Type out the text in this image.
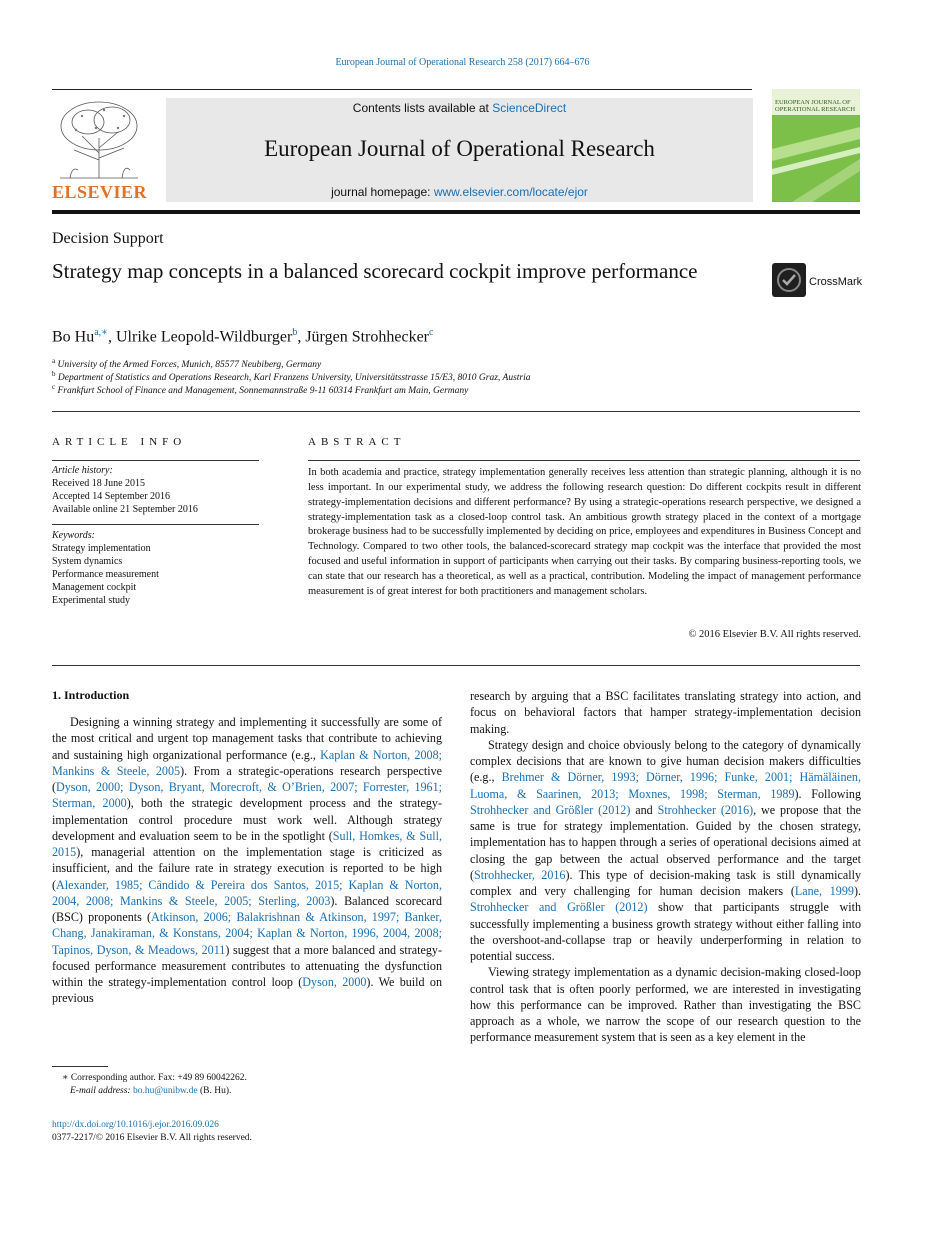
European Journal of Operational Research 258 (2017) 664–676
ELSEVIER
Contents lists available at ScienceDirect
European Journal of Operational Research
journal homepage: www.elsevier.com/locate/ejor
EUROPEAN JOURNAL OF OPERATIONAL RESEARCH
Decision Support
Strategy map concepts in a balanced scorecard cockpit improve performance	CrossMark
Bo $Hu^{a,∗}$, Ulrike Leopold-Wildburger$^b$, Jürgen Strohhecker$^c$
$^a$ University of the Armed Forces, Munich, 85577 Neubiberg, Germany
$^b$ Department of Statistics and Operations Research, Karl Franzens University, Universitätsstrasse 15/E3, 8010 Graz, Austria
$^c$ Frankfurt School of Finance and Management, Sonnemannstraße 9-11 60314 Frankfurt am Main, Germany
ARTICLE INFO
Article history:
Received 18 June 2015
Accepted 14 September 2016
Available online 21 September 2016
Keywords:
Strategy implementation
System dynamics
Performance measurement
Management cockpit
Experimental study
ABSTRACT
In both academia and practice, strategy implementation generally receives less attention than strategic planning, although it is no less important. In our experimental study, we address the following research question: Do different cockpits result in different strategy-implementation decisions and different performance? By using a strategic-operations research perspective, we designed a strategy-implementation task as a closed-loop control task. An ambitious growth strategy placed in the context of a mortgage brokerage business had to be successfully implemented by deciding on price, employees and expenditures in Business Concept and Technology. Compared to two other tools, the balanced-scorecard strategy map cockpit was the interface that provided the most focused and useful information in support of participants when carrying out their tasks. By comparing business-reporting tools, we can state that our research has a theoretical, as well as a practical, contribution. Modeling the impact of management performance measurement is of great interest for both practitioners and management scholars.
© 2016 Elsevier B.V. All rights reserved.
1. Introduction

Designing a winning strategy and implementing it successfully are some of the most critical and urgent top management tasks that contribute to achieving and sustaining high organizational performance (e.g., Kaplan & Norton, 2008; Mankins & Steele, 2005). From a strategic-operations research perspective (Dyson, 2000; Dyson, Bryant, Morecroft, & O’Brien, 2007; Forrester, 1961; Sterman, 2000), both the strategic development process and the strategy-implementation control procedure must work well. Although strategy development and evaluation seem to be in the spotlight (Sull, Homkes, & Sull, 2015), managerial attention on the implementation stage is criticized as insufficient, and the failure rate in strategy execution is reported to be high (Alexander, 1985; Cândido & Pereira dos Santos, 2015; Kaplan & Norton, 2004, 2008; Mankins & Steele, 2005; Sterling, 2003). Balanced scorecard (BSC) proponents (Atkinson, 2006; Balakrishnan & Atkinson, 1997; Banker, Chang, Janakiraman, & Konstans, 2004; Kaplan & Norton, 1996, 2004, 2008; Tapinos, Dyson, & Meadows, 2011) suggest that a more balanced and strategy-focused performance measurement contributes to attenuating the dysfunction within the strategy-implementation control loop (Dyson, 2000). We build on previous

research by arguing that a BSC facilitates translating strategy into action, and focus on behavioral factors that hamper strategy-implementation decision making.

Strategy design and choice obviously belong to the category of dynamically complex decisions that are known to give human decision makers difficulties (e.g., Brehmer & Dörner, 1993; Dörner, 1996; Funke, 2001; Hämäläinen, Luoma, & Saarinen, 2013; Moxnes, 1998; Sterman, 1989). Following Strohhecker and Größler (2012) and Strohhecker (2016), we propose that the same is true for strategy implementation. Guided by the chosen strategy, implementation has to happen through a series of operational decisions aimed at closing the gap between the actual observed performance and the target (Strohhecker, 2016). This type of decision-making task is still dynamically complex and very challenging for human decision makers (Lane, 1999). Strohhecker and Größler (2012) show that participants struggle with successfully implementing a business growth strategy without either falling into the overshoot-and-collapse trap or heavily underperforming in relation to potential success.

Viewing strategy implementation as a dynamic decision-making closed-loop control task that is often poorly performed, we are interested in investigating how this performance can be improved. Rather than investigating the BSC approach as a whole, we narrow the scope of our research question to the performance measurement system that is seen as a key element in the

∗ Corresponding author. Fax: +49 89 60042262.
E-mail address: bo.hu@unibw.de (B. Hu).
http://dx.doi.org/10.1016/j.ejor.2016.09.026
0377-2217/© 2016 Elsevier B.V. All rights reserved.
